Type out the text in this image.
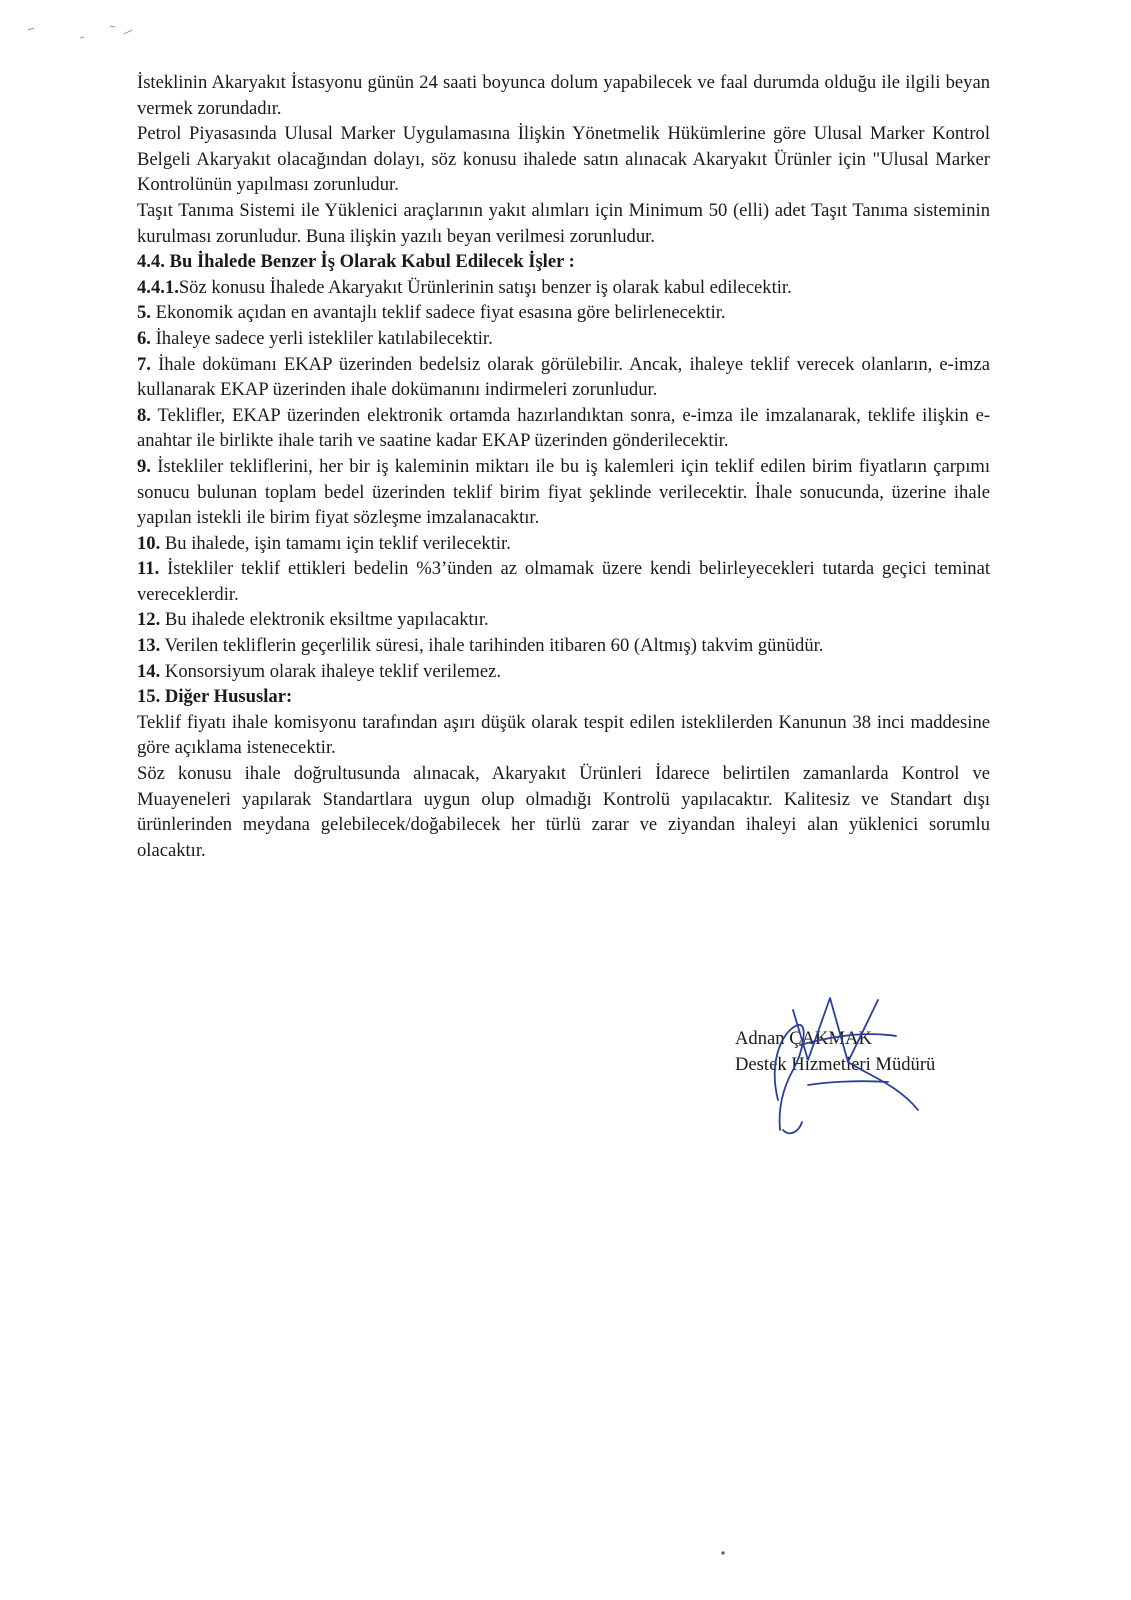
İsteklinin Akaryakıt İstasyonu günün 24 saati boyunca dolum yapabilecek ve faal durumda olduğu ile ilgili beyan vermek zorundadır.

Petrol Piyasasında Ulusal Marker Uygulamasına İlişkin Yönetmelik Hükümlerine göre Ulusal Marker Kontrol Belgeli Akaryakıt olacağından dolayı, söz konusu ihalede satın alınacak Akaryakıt Ürünler için "Ulusal Marker Kontrolünün yapılması zorunludur.

Taşıt Tanıma Sistemi ile Yüklenici araçlarının yakıt alımları için Minimum 50 (elli) adet Taşıt Tanıma sisteminin kurulması zorunludur. Buna ilişkin yazılı beyan verilmesi zorunludur.

4.4. Bu İhalede Benzer İş Olarak Kabul Edilecek İşler :

4.4.1.Söz konusu İhalede Akaryakıt Ürünlerinin satışı benzer iş olarak kabul edilecektir.

5. Ekonomik açıdan en avantajlı teklif sadece fiyat esasına göre belirlenecektir.

6. İhaleye sadece yerli istekliler katılabilecektir.

7. İhale dokümanı EKAP üzerinden bedelsiz olarak görülebilir. Ancak, ihaleye teklif verecek olanların, e-imza kullanarak EKAP üzerinden ihale dokümanını indirmeleri zorunludur.

8. Teklifler, EKAP üzerinden elektronik ortamda hazırlandıktan sonra, e-imza ile imzalanarak, teklife ilişkin e-anahtar ile birlikte ihale tarih ve saatine kadar EKAP üzerinden gönderilecektir.

9. İstekliler tekliflerini, her bir iş kaleminin miktarı ile bu iş kalemleri için teklif edilen birim fiyatların çarpımı sonucu bulunan toplam bedel üzerinden teklif birim fiyat şeklinde verilecektir. İhale sonucunda, üzerine ihale yapılan istekli ile birim fiyat sözleşme imzalanacaktır.

10. Bu ihalede, işin tamamı için teklif verilecektir.

11. İstekliler teklif ettikleri bedelin %3’ünden az olmamak üzere kendi belirleyecekleri tutarda geçici teminat vereceklerdir.

12. Bu ihalede elektronik eksiltme yapılacaktır.

13. Verilen tekliflerin geçerlilik süresi, ihale tarihinden itibaren 60 (Altmış) takvim günüdür.

14. Konsorsiyum olarak ihaleye teklif verilemez.

15. Diğer Hususlar:

Teklif fiyatı ihale komisyonu tarafından aşırı düşük olarak tespit edilen isteklilerden Kanunun 38 inci maddesine göre açıklama istenecektir.

Söz konusu ihale doğrultusunda alınacak, Akaryakıt Ürünleri İdarece belirtilen zamanlarda Kontrol ve Muayeneleri yapılarak Standartlara uygun olup olmadığı Kontrolü yapılacaktır. Kalitesiz ve Standart dışı ürünlerinden meydana gelebilecek/doğabilecek her türlü zarar ve ziyandan ihaleyi alan yüklenici sorumlu olacaktır.

Adnan ÇAKMAK
Destek Hizmetleri Müdürü
